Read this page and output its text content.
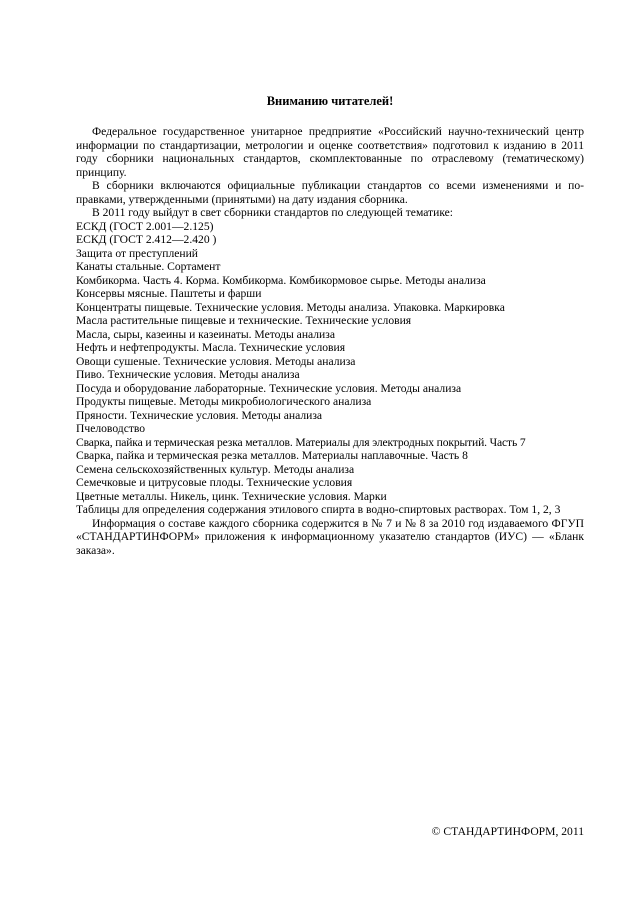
Вниманию читателей!

Федеральное государственное унитарное предприятие «Российский научно-технический центр информации по стандартизации, метрологии и оценке соответствия» подготовил к изданию в 2011 году сборники национальных стандартов, скомплектованные по отраслевому (тематическому) принципу.

В сборники включаются официальные публикации стандартов со всеми изменениями и по-правками, утвержденными (принятыми) на дату издания сборника.

В 2011 году выйдут в свет сборники стандартов по следующей тематике:

ЕСКД (ГОСТ 2.001—2.125)
ЕСКД (ГОСТ 2.412—2.420 )
Защита от преступлений
Канаты стальные. Сортамент
Комбикорма. Часть 4. Корма. Комбикорма. Комбикормовое сырье. Методы анализа
Консервы мясные. Паштеты и фарши
Концентраты пищевые. Технические условия. Методы анализа. Упаковка. Маркировка
Масла растительные пищевые и технические. Технические условия
Масла, сыры, казеины и казеинаты. Методы анализа
Нефть и нефтепродукты. Масла. Технические условия
Овощи сушеные. Технические условия. Методы анализа
Пиво. Технические условия. Методы анализа
Посуда и оборудование лабораторные. Технические условия. Методы анализа
Продукты пищевые. Методы микробиологического анализа
Пряности. Технические условия. Методы анализа
Пчеловодство
Сварка, пайка и термическая резка металлов. Материалы для электродных покрытий. Часть 7
Сварка, пайка и термическая резка металлов. Материалы наплавочные. Часть 8
Семена сельскохозяйственных культур. Методы анализа
Семечковые и цитрусовые плоды. Технические условия
Цветные металлы. Никель, цинк. Технические условия. Марки
Таблицы для определения содержания этилового спирта в водно-спиртовых растворах. Том 1, 2, 3

Информация о составе каждого сборника содержится в № 7 и № 8 за 2010 год издаваемого ФГУП «СТАНДАРТИНФОРМ» приложения к информационному указателю стандартов (ИУС) — «Бланк заказа».

© СТАНДАРТИНФОРМ, 2011
